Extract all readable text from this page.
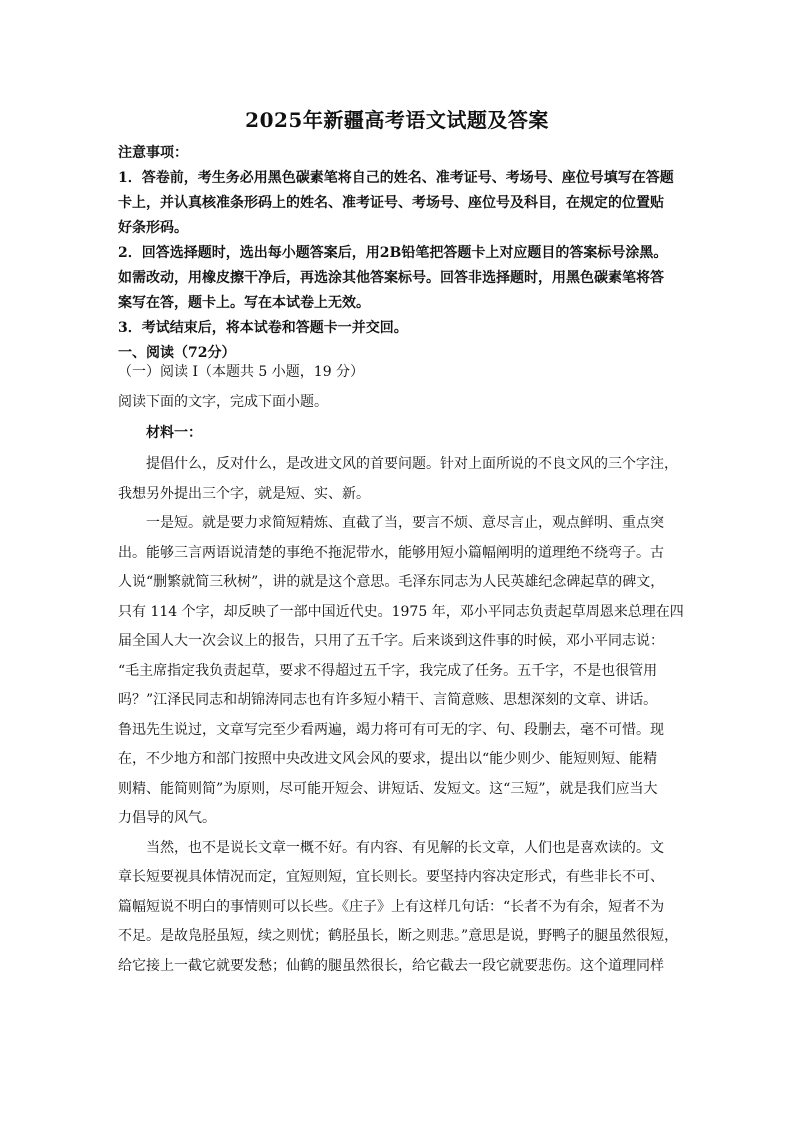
2025年新疆高考语文试题及答案
注意事项：
1．答卷前，考生务必用黑色碳素笔将自己的姓名、准考证号、考场号、座位号填写在答题
卡上，并认真核准条形码上的姓名、准考证号、考场号、座位号及科目，在规定的位置贴
好条形码。
2．回答选择题时，选出每小题答案后，用2B铅笔把答题卡上对应题目的答案标号涂黑。
如需改动，用橡皮擦干净后，再选涂其他答案标号。回答非选择题时，用黑色碳素笔将答
案写在答，题卡上。写在本试卷上无效。
3．考试结束后，将本试卷和答题卡一并交回。
一、阅读（72分）
（一）阅读 I（本题共 5 小题，19 分）
阅读下面的文字，完成下面小题。
材料一：
提倡什么，反对什么，是改进文风的首要问题。针对上面所说的不良文风的三个字注，
我想另外提出三个字，就是短、实、新。
一是短。就是要力求简短精炼、直截了当，要言不烦、意尽言止，观点鲜明、重点突
出。能够三言两语说清楚的事绝不拖泥带水，能够用短小篇幅阐明的道理绝不绕弯子。古
人说“删繁就简三秋树”，讲的就是这个意思。毛泽东同志为人民英雄纪念碑起草的碑文，
只有 114 个字，却反映了一部中国近代史。1975 年，邓小平同志负责起草周恩来总理在四
届全国人大一次会议上的报告，只用了五千字。后来谈到这件事的时候，邓小平同志说：
“毛主席指定我负责起草，要求不得超过五千字，我完成了任务。五千字，不是也很管用
吗？”江泽民同志和胡锦涛同志也有许多短小精干、言简意赅、思想深刻的文章、讲话。
鲁迅先生说过，文章写完至少看两遍，竭力将可有可无的字、句、段删去，毫不可惜。现
在，不少地方和部门按照中央改进文风会风的要求，提出以“能少则少、能短则短、能精
则精、能简则简”为原则，尽可能开短会、讲短话、发短文。这“三短”，就是我们应当大
力倡导的风气。
当然，也不是说长文章一概不好。有内容、有见解的长文章，人们也是喜欢读的。文
章长短要视具体情况而定，宜短则短，宜长则长。要坚持内容决定形式，有些非长不可、
篇幅短说不明白的事情则可以长些。《庄子》上有这样几句话：“长者不为有余，短者不为
不足。是故凫胫虽短，续之则忧；鹤胫虽长，断之则悲。”意思是说，野鸭子的腿虽然很短，
给它接上一截它就要发愁；仙鹤的腿虽然很长，给它截去一段它就要悲伤。这个道理同样
